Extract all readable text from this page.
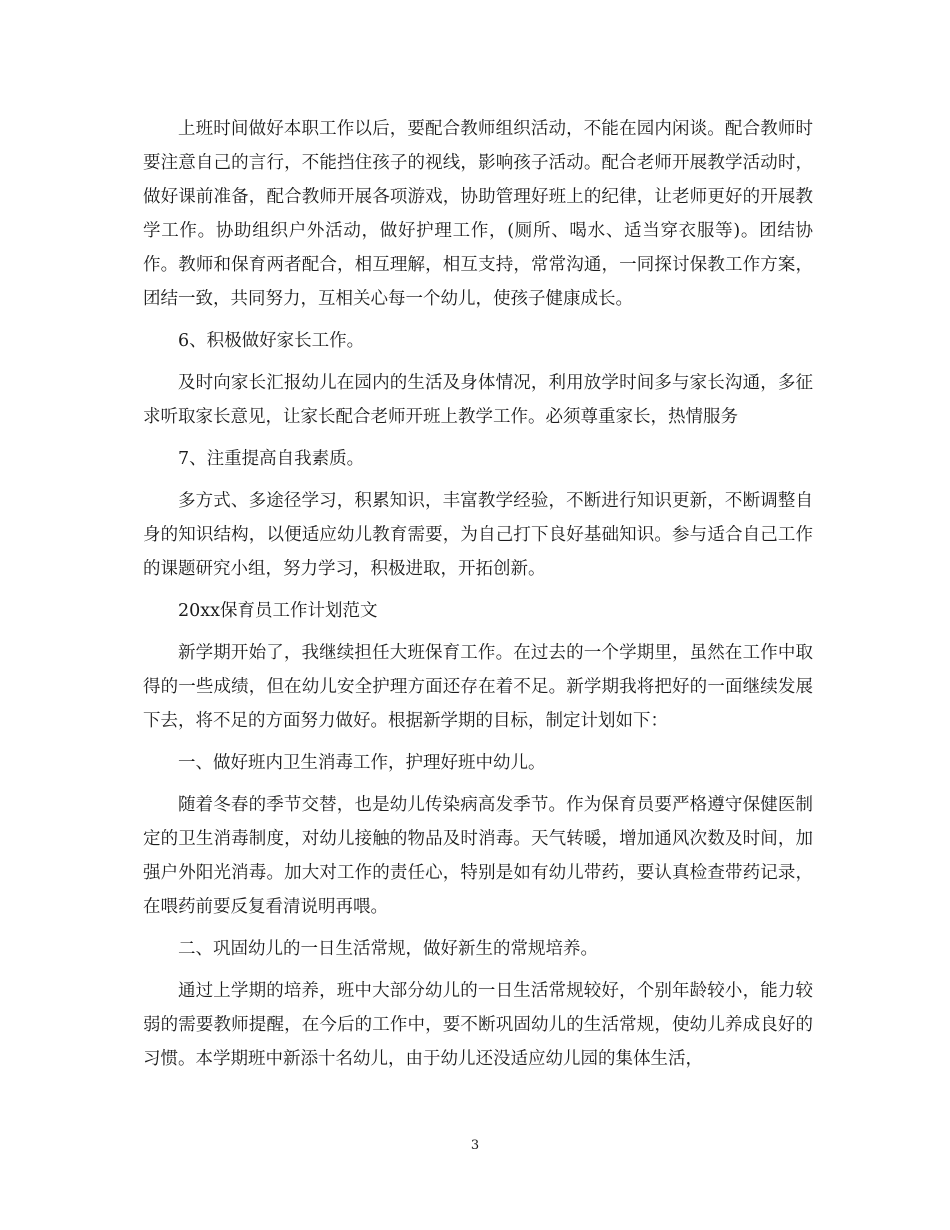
上班时间做好本职工作以后，要配合教师组织活动，不能在园内闲谈。配合教师时要注意自己的言行，不能挡住孩子的视线，影响孩子活动。配合老师开展教学活动时，做好课前准备，配合教师开展各项游戏，协助管理好班上的纪律，让老师更好的开展教学工作。协助组织户外活动，做好护理工作，(厕所、喝水、适当穿衣服等)。团结协作。教师和保育两者配合，相互理解，相互支持，常常沟通，一同探讨保教工作方案，团结一致，共同努力，互相关心每一个幼儿，使孩子健康成长。

6、积极做好家长工作。

及时向家长汇报幼儿在园内的生活及身体情况，利用放学时间多与家长沟通，多征求听取家长意见，让家长配合老师开班上教学工作。必须尊重家长，热情服务

7、注重提高自我素质。

多方式、多途径学习，积累知识，丰富教学经验，不断进行知识更新，不断调整自身的知识结构，以便适应幼儿教育需要，为自己打下良好基础知识。参与适合自己工作的课题研究小组，努力学习，积极进取，开拓创新。

20xx保育员工作计划范文

新学期开始了，我继续担任大班保育工作。在过去的一个学期里，虽然在工作中取得的一些成绩，但在幼儿安全护理方面还存在着不足。新学期我将把好的一面继续发展下去，将不足的方面努力做好。根据新学期的目标，制定计划如下：

一、做好班内卫生消毒工作，护理好班中幼儿。

随着冬春的季节交替，也是幼儿传染病高发季节。作为保育员要严格遵守保健医制定的卫生消毒制度，对幼儿接触的物品及时消毒。天气转暖，增加通风次数及时间，加强户外阳光消毒。加大对工作的责任心，特别是如有幼儿带药，要认真检查带药记录，在喂药前要反复看清说明再喂。

二、巩固幼儿的一日生活常规，做好新生的常规培养。

通过上学期的培养，班中大部分幼儿的一日生活常规较好，个别年龄较小，能力较弱的需要教师提醒，在今后的工作中，要不断巩固幼儿的生活常规，使幼儿养成良好的习惯。本学期班中新添十名幼儿，由于幼儿还没适应幼儿园的集体生活，

3
